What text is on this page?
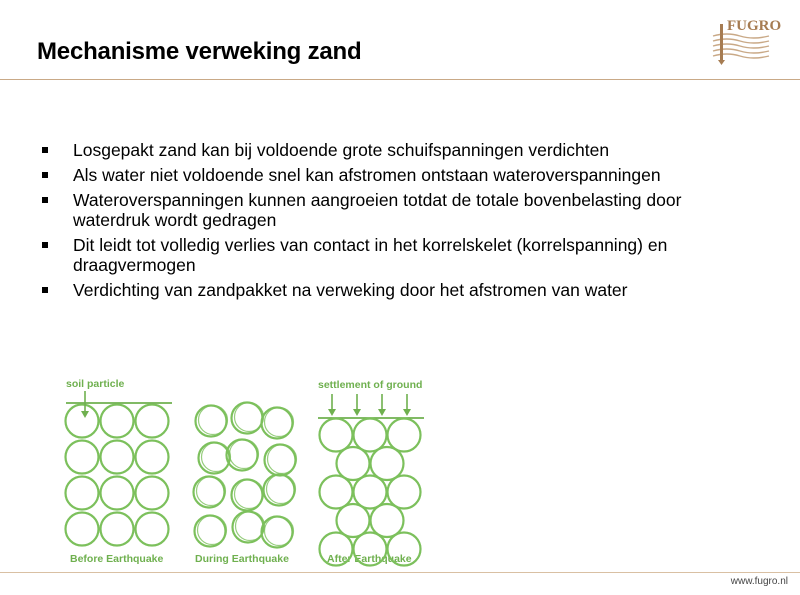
Mechanisme verweking zand
FUGRO
Losgepakt zand kan bij voldoende grote schuifspanningen verdichten
Als water niet voldoende snel kan afstromen ontstaan wateroverspanningen
Wateroverspanningen kunnen aangroeien totdat de totale bovenbelasting door waterdruk wordt gedragen
Dit leidt tot volledig verlies van contact in het korrelskelet (korrelspanning) en draagvermogen
Verdichting van zandpakket na verweking door het afstromen van water
soil particle	settlement of ground
Before Earthquake	During Earthquake	After Earthquake
www.fugro.nl
